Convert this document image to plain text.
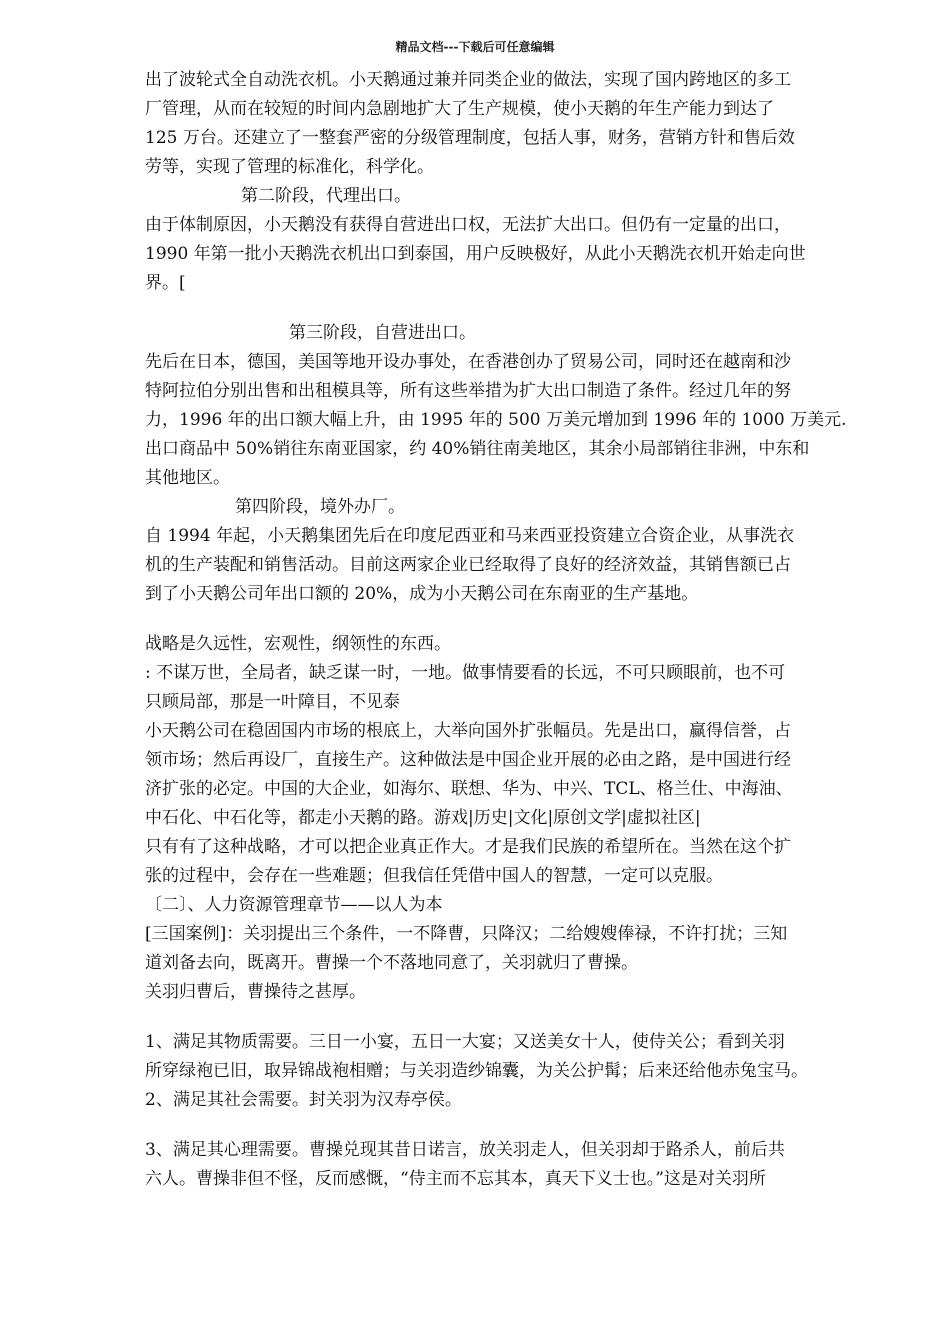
精品文档---下载后可任意编辑
出了波轮式全自动洗衣机。小天鹅通过兼并同类企业的做法，实现了国内跨地区的多工
厂管理，从而在较短的时间内急剧地扩大了生产规模，使小天鹅的年生产能力到达了
125 万台。还建立了一整套严密的分级管理制度，包括人事，财务，营销方针和售后效
劳等，实现了管理的标准化，科学化。
第二阶段，代理出口。
由于体制原因，小天鹅没有获得自营进出口权，无法扩大出口。但仍有一定量的出口，
1990 年第一批小天鹅洗衣机出口到泰国，用户反映极好，从此小天鹅洗衣机开始走向世
界。[
第三阶段，自营进出口。
先后在日本，德国，美国等地开设办事处，在香港创办了贸易公司，同时还在越南和沙
特阿拉伯分别出售和出租模具等，所有这些举措为扩大出口制造了条件。经过几年的努
力，1996 年的出口额大幅上升，由 1995 年的 500 万美元增加到 1996 年的 1000 万美元.
出口商品中 50%销往东南亚国家，约 40%销往南美地区，其余小局部销往非洲，中东和
其他地区。
第四阶段，境外办厂。
自 1994 年起，小天鹅集团先后在印度尼西亚和马来西亚投资建立合资企业，从事洗衣
机的生产装配和销售活动。目前这两家企业已经取得了良好的经济效益，其销售额已占
到了小天鹅公司年出口额的 20%，成为小天鹅公司在东南亚的生产基地。
战略是久远性，宏观性，纲领性的东西。
: 不谋万世，全局者，缺乏谋一时，一地。做事情要看的长远，不可只顾眼前，也不可
只顾局部，那是一叶障目，不见泰
小天鹅公司在稳固国内市场的根底上，大举向国外扩张幅员。先是出口，赢得信誉，占
领市场；然后再设厂，直接生产。这种做法是中国企业开展的必由之路，是中国进行经
济扩张的必定。中国的大企业，如海尔、联想、华为、中兴、TCL、格兰仕、中海油、
中石化、中石化等，都走小天鹅的路。游戏|历史|文化|原创文学|虚拟社区|
只有有了这种战略，才可以把企业真正作大。才是我们民族的希望所在。当然在这个扩
张的过程中，会存在一些难题；但我信任凭借中国人的智慧，一定可以克服。
〔二〕、人力资源管理章节——以人为本
[三国案例]：关羽提出三个条件，一不降曹，只降汉；二给嫂嫂俸禄，不许打扰；三知
道刘备去向，既离开。曹操一个不落地同意了，关羽就归了曹操。
关羽归曹后，曹操待之甚厚。
1、满足其物质需要。三日一小宴，五日一大宴；又送美女十人，使侍关公；看到关羽
所穿绿袍已旧，取异锦战袍相赠；与关羽造纱锦囊，为关公护髯；后来还给他赤兔宝马。
2、满足其社会需要。封关羽为汉寿亭侯。
3、满足其心理需要。曹操兑现其昔日诺言，放关羽走人，但关羽却于路杀人，前后共
六人。曹操非但不怪，反而感慨，“侍主而不忘其本，真天下义士也。”这是对关羽所
